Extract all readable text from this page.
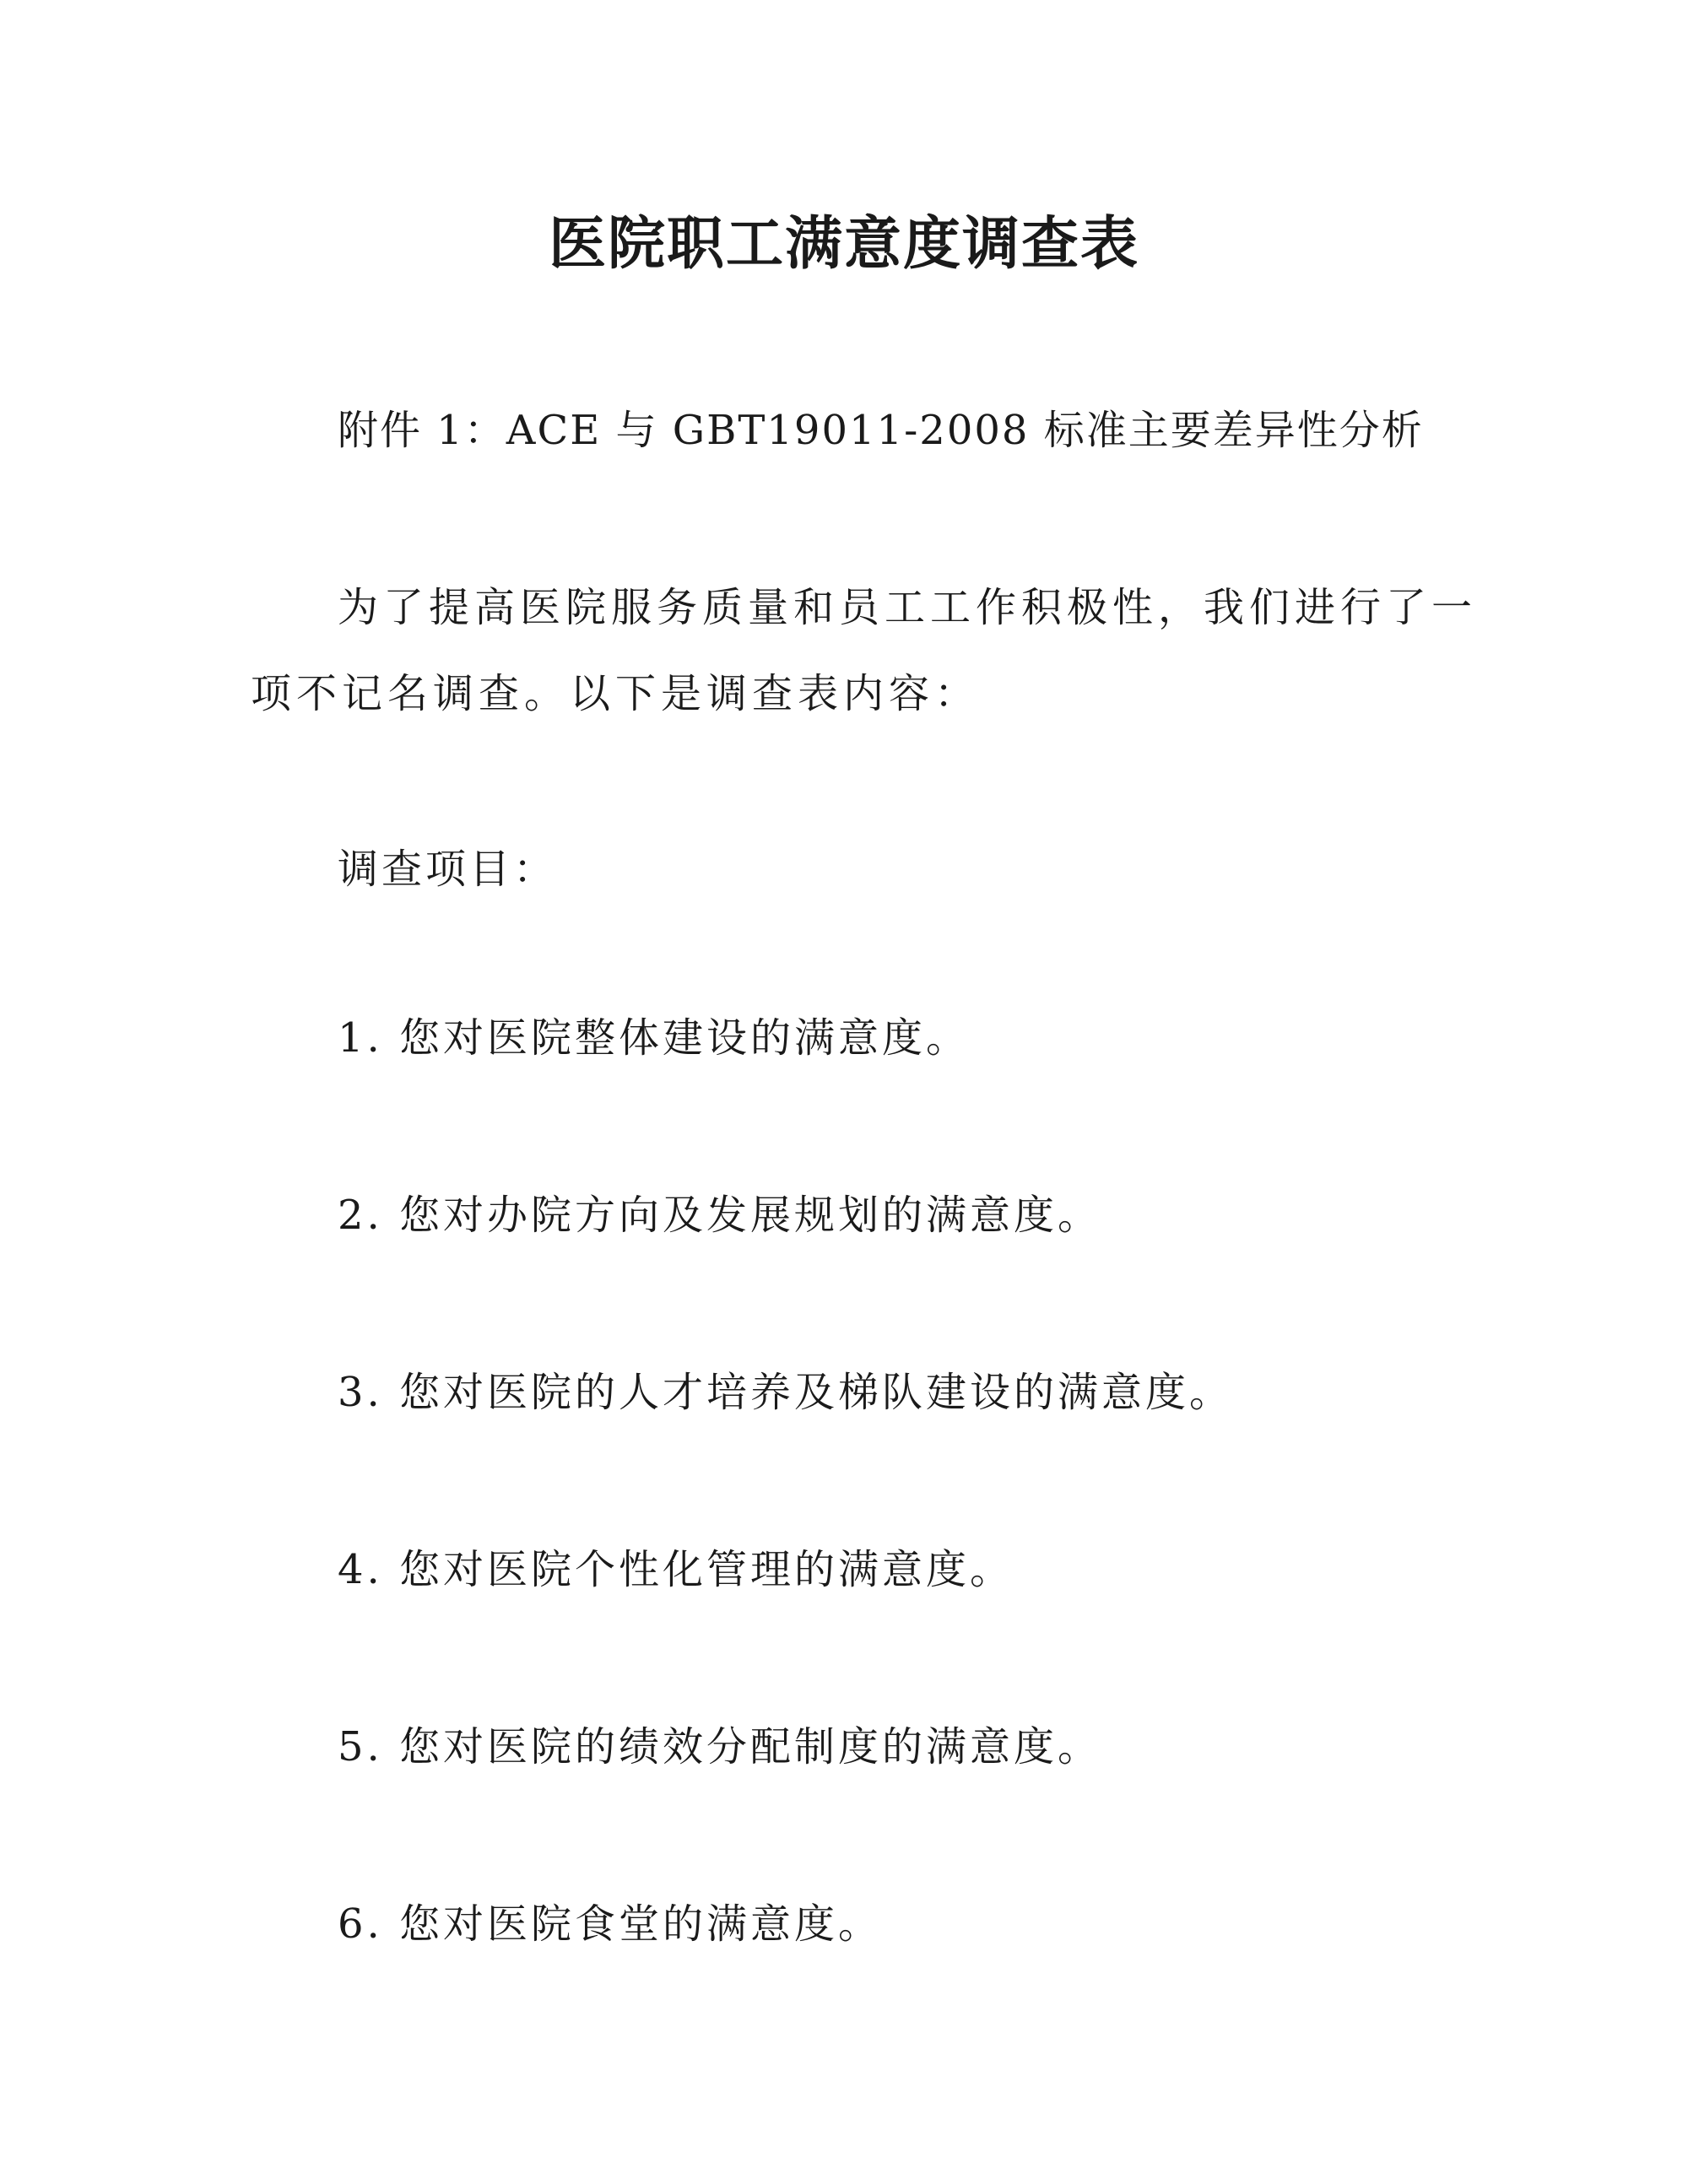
医院职工满意度调查表
附件 1：ACE 与 GBT19011-2008 标准主要差异性分析
为了提高医院服务质量和员工工作积极性，我们进行了一
项不记名调查。以下是调查表内容：
调查项目：
1. 您对医院整体建设的满意度。
2. 您对办院方向及发展规划的满意度。
3. 您对医院的人才培养及梯队建设的满意度。
4. 您对医院个性化管理的满意度。
5. 您对医院的绩效分配制度的满意度。
6. 您对医院食堂的满意度。
